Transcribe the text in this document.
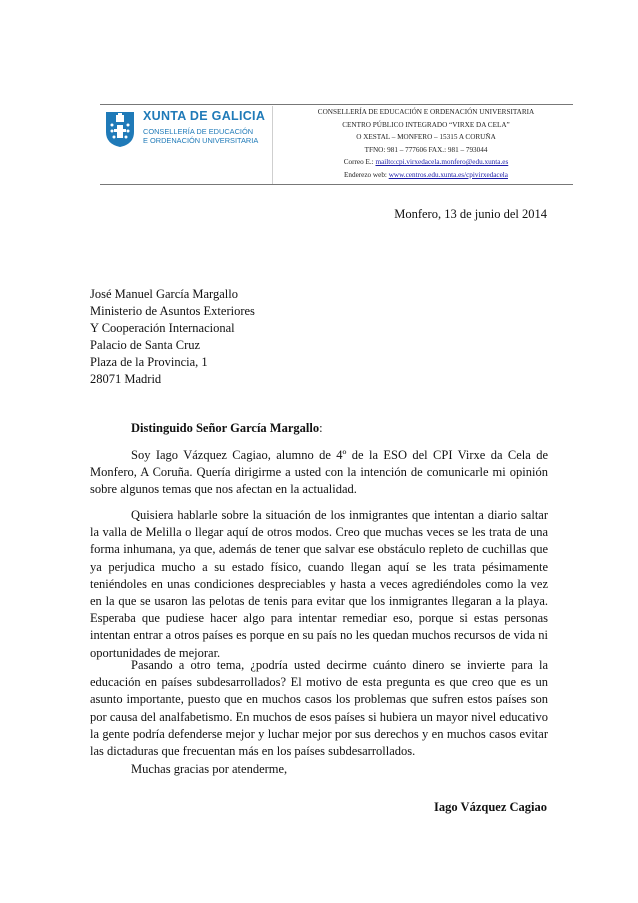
XUNTA DE GALICIA
CONSELLERÍA DE EDUCACIÓN
E ORDENACIÓN UNIVERSITARIA
CONSELLERÍA DE EDUCACIÓN E ORDENACIÓN UNIVERSITARIA
CENTRO PÚBLICO INTEGRADO “VIRXE DA CELA”
O XESTAL – MONFERO – 15315 A CORUÑA
TFNO: 981 – 777606 FAX.: 981 – 793044
Correo E.: mailto:cpi.virxedacela.monfero@edu.xunta.es
Enderezo web: www.centros.edu.xunta.es/cpivirxedacela
Monfero, 13 de junio del 2014
José Manuel García Margallo
Ministerio de Asuntos Exteriores
Y Cooperación Internacional
Palacio de Santa Cruz
Plaza de la Provincia, 1
28071 Madrid
Distinguido Señor García Margallo:

Soy Iago Vázquez Cagiao, alumno de 4º de la ESO del CPI Virxe da Cela de Monfero, A Coruña. Quería dirigirme a usted con la intención de comunicarle mi opinión sobre algunos temas que nos afectan en la actualidad.

Quisiera hablarle sobre la situación de los inmigrantes que intentan a diario saltar la valla de Melilla o llegar aquí de otros modos. Creo que muchas veces se les trata de una forma inhumana, ya que, además de tener que salvar ese obstáculo repleto de cuchillas que ya perjudica mucho a su estado físico, cuando llegan aquí se les trata pésimamente teniéndoles en unas condiciones despreciables y hasta a veces agrediéndoles como la vez en la que se usaron las pelotas de tenis para evitar que los inmigrantes llegaran a la playa. Esperaba que pudiese hacer algo para intentar remediar eso, porque si estas personas intentan entrar a otros países es porque en su país no les quedan muchos recursos de vida ni oportunidades de mejorar.

Pasando a otro tema, ¿podría usted decirme cuánto dinero se invierte para la educación en países subdesarrollados? El motivo de esta pregunta es que creo que es un asunto importante, puesto que en muchos casos los problemas que sufren estos países son por causa del analfabetismo. En muchos de esos países si hubiera un mayor nivel educativo la gente podría defenderse mejor y luchar mejor por sus derechos y en muchos casos evitar las dictaduras que frecuentan más en los países subdesarrollados.

Muchas gracias por atenderme,
Iago Vázquez Cagiao
